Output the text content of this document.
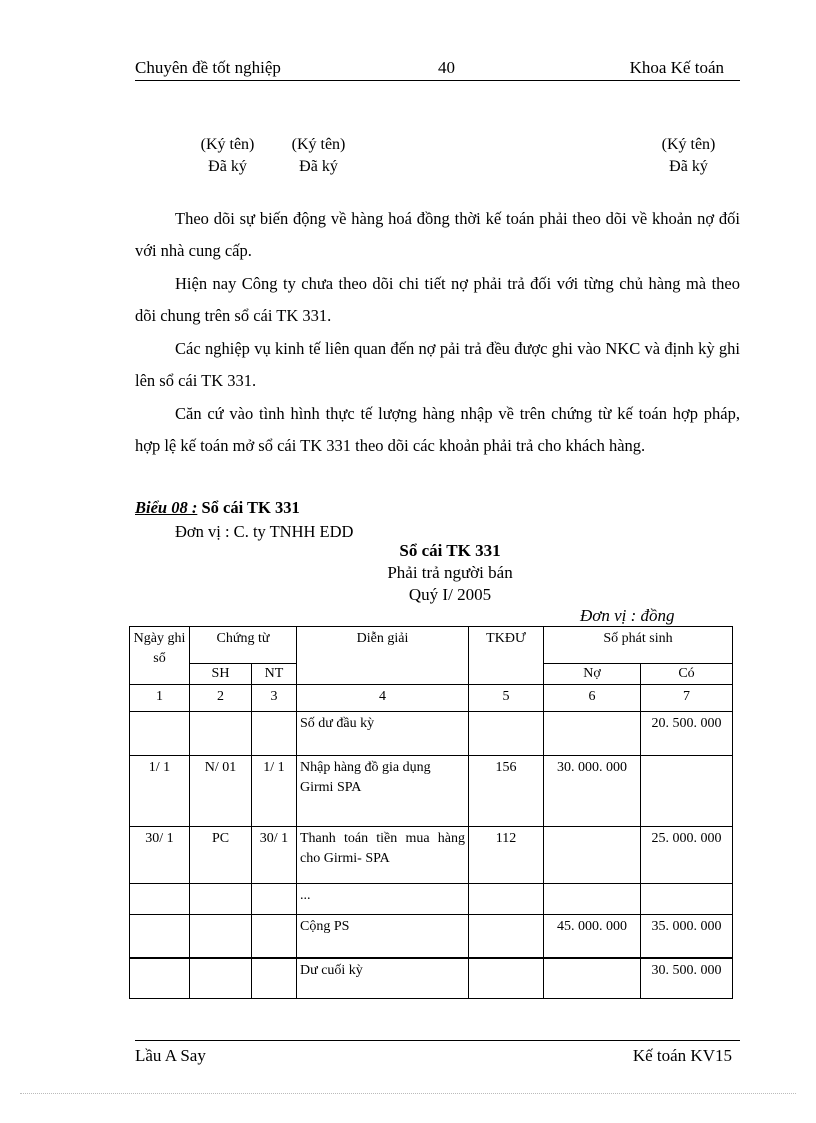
Chuyên đề tốt nghiệp	40	Khoa Kế toán
(Ký tên)
Đã ký
(Ký tên)
Đã ký
(Ký tên)
Đã ký
Theo dõi sự biến động về hàng hoá đồng thời kế toán phải theo dõi về khoản nợ đối với nhà cung cấp.
Hiện nay Công ty chưa theo dõi chi tiết nợ phải trả đối với từng chủ hàng mà theo dõi chung trên sổ cái TK 331.
Các nghiệp vụ kinh tế liên quan đến nợ pải trả đều được ghi vào NKC và định kỳ ghi lên sổ cái TK 331.
Căn cứ vào tình hình thực tế lượng hàng nhập về trên chứng từ kế toán hợp pháp, hợp lệ kế toán mở sổ cái TK 331 theo dõi các khoản phải trả cho khách hàng.
Biểu 08 : Sổ cái TK 331
Đơn vị : C. ty TNHH EDD
Sổ cái TK 331
Phải trả người bán
Quý I/ 2005
Đơn vị : đồng
Ngày ghi sổ	Chứng từ		Diễn giải	TKĐƯ	Số phát sinh	
	SH	NT			Nợ	Có
1	2	3	4	5	6	7
			Số dư đầu kỳ			20. 500. 000
1/ 1	N/ 01	1/ 1	Nhập hàng đồ gia dụng Girmi SPA	156	30. 000. 000	
30/ 1	PC	30/ 1	Thanh toán tiền mua hàng cho Girmi- SPA	112		25. 000. 000
			...			
			Cộng PS		45. 000. 000	35. 000. 000
			Dư cuối kỳ			30. 500. 000
Lầu A Say	Kế toán KV15
